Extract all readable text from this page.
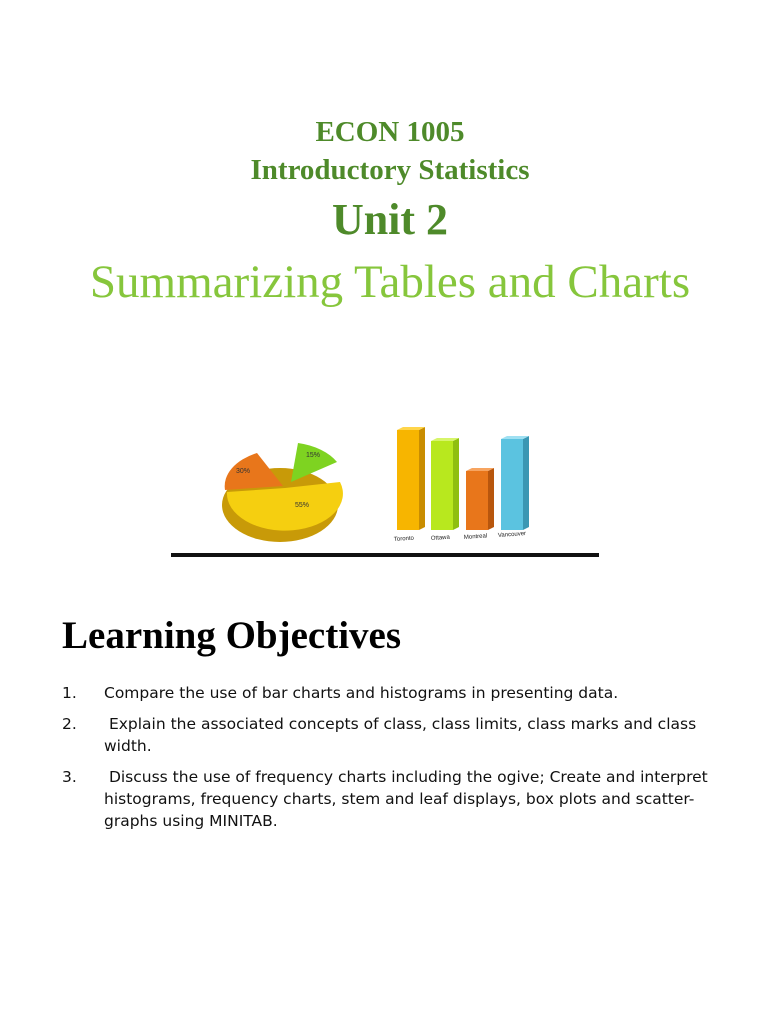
ECON 1005
Introductory Statistics
Unit 2
Summarizing Tables and Charts
15%
30%
55%
Toronto	Ottawa Montreal Vancouver
Learning Objectives
1. Compare the use of bar charts and histograms in presenting data.
2. Explain the associated concepts of class, class limits, class marks and class width.
3. Discuss the use of frequency charts including the ogive; Create and interpret histograms, frequency charts, stem and leaf displays, box plots and scatter-graphs using MINITAB.
